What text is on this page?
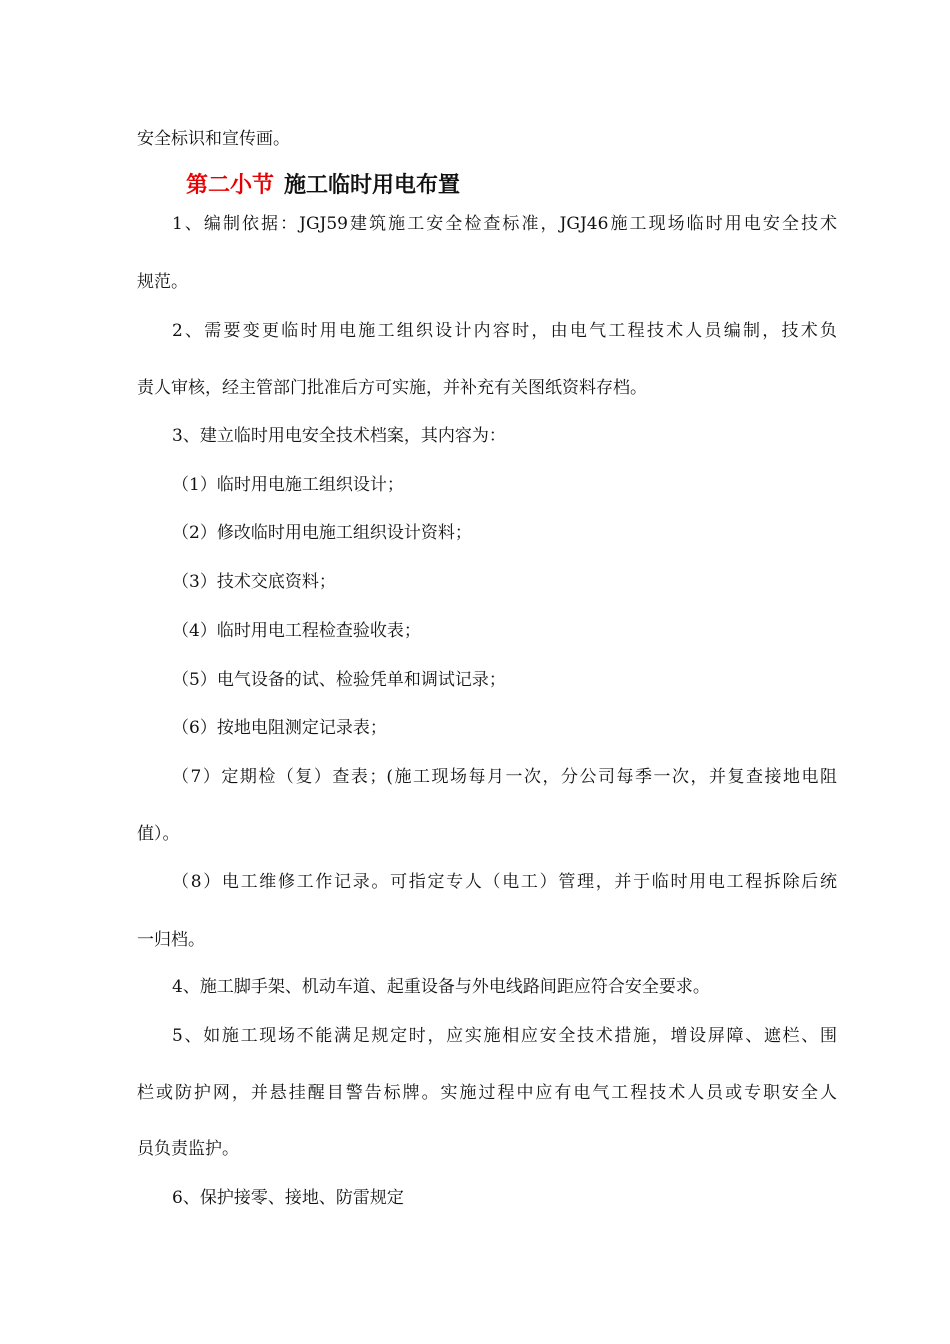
安全标识和宣传画。
第二小节 施工临时用电布置
1、编制依据：JGJ59建筑施工安全检查标准，JGJ46施工现场临时用电安全技术
规范。
2、需要变更临时用电施工组织设计内容时，由电气工程技术人员编制，技术负
责人审核，经主管部门批准后方可实施，并补充有关图纸资料存档。
3、建立临时用电安全技术档案，其内容为：
（1）临时用电施工组织设计；
（2）修改临时用电施工组织设计资料；
（3）技术交底资料；
（4）临时用电工程检查验收表；
（5）电气设备的试、检验凭单和调试记录；
（6）按地电阻测定记录表；
（7）定期检（复）查表；(施工现场每月一次，分公司每季一次，并复查接地电阻
值）。
（8）电工维修工作记录。可指定专人（电工）管理，并于临时用电工程拆除后统
一归档。
4、施工脚手架、机动车道、起重设备与外电线路间距应符合安全要求。
5、如施工现场不能满足规定时，应实施相应安全技术措施，增设屏障、遮栏、围
栏或防护网，并悬挂醒目警告标牌。实施过程中应有电气工程技术人员或专职安全人
员负责监护。
6、保护接零、接地、防雷规定
